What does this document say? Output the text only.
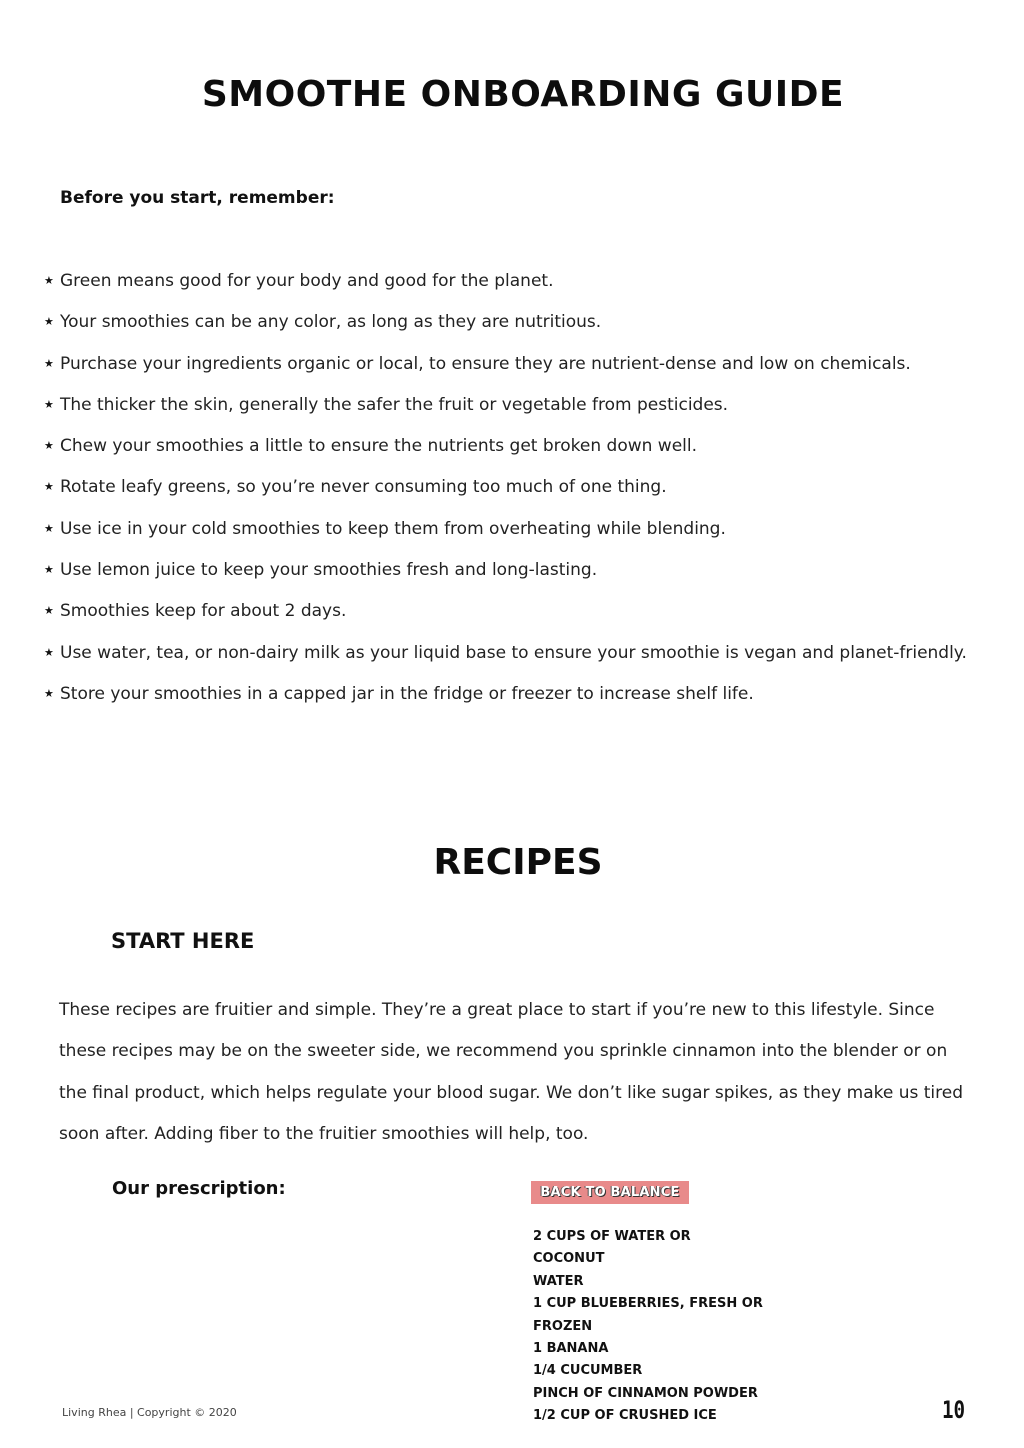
SMOOTHE ONBOARDING GUIDE

Before you start, remember:

★ Green means good for your body and good for the planet.
★ Your smoothies can be any color, as long as they are nutritious.
★ Purchase your ingredients organic or local, to ensure they are nutrient-dense and low on chemicals.
★ The thicker the skin, generally the safer the fruit or vegetable from pesticides.
★ Chew your smoothies a little to ensure the nutrients get broken down well.
★ Rotate leafy greens, so you’re never consuming too much of one thing.
★ Use ice in your cold smoothies to keep them from overheating while blending.
★ Use lemon juice to keep your smoothies fresh and long-lasting.
★ Smoothies keep for about 2 days.
★ Use water, tea, or non-dairy milk as your liquid base to ensure your smoothie is vegan and planet-friendly.
★ Store your smoothies in a capped jar in the fridge or freezer to increase shelf life.
RECIPES
START HERE

These recipes are fruitier and simple. They’re a great place to start if you’re new to this lifestyle. Since
these recipes may be on the sweeter side, we recommend you sprinkle cinnamon into the blender or on
the final product, which helps regulate your blood sugar. We don’t like sugar spikes, as they make us tired
soon after. Adding fiber to the fruitier smoothies will help, too.

Our prescription:	BACK TO BALANCE
2 CUPS OF WATER OR COCONUT
WATER
1 CUP BLUEBERRIES, FRESH OR
FROZEN
1 BANANA
1/4 CUCUMBER
PINCH OF CINNAMON POWDER
1/2 CUP OF CRUSHED ICE

Living Rhea | Copyright © 2020	10
